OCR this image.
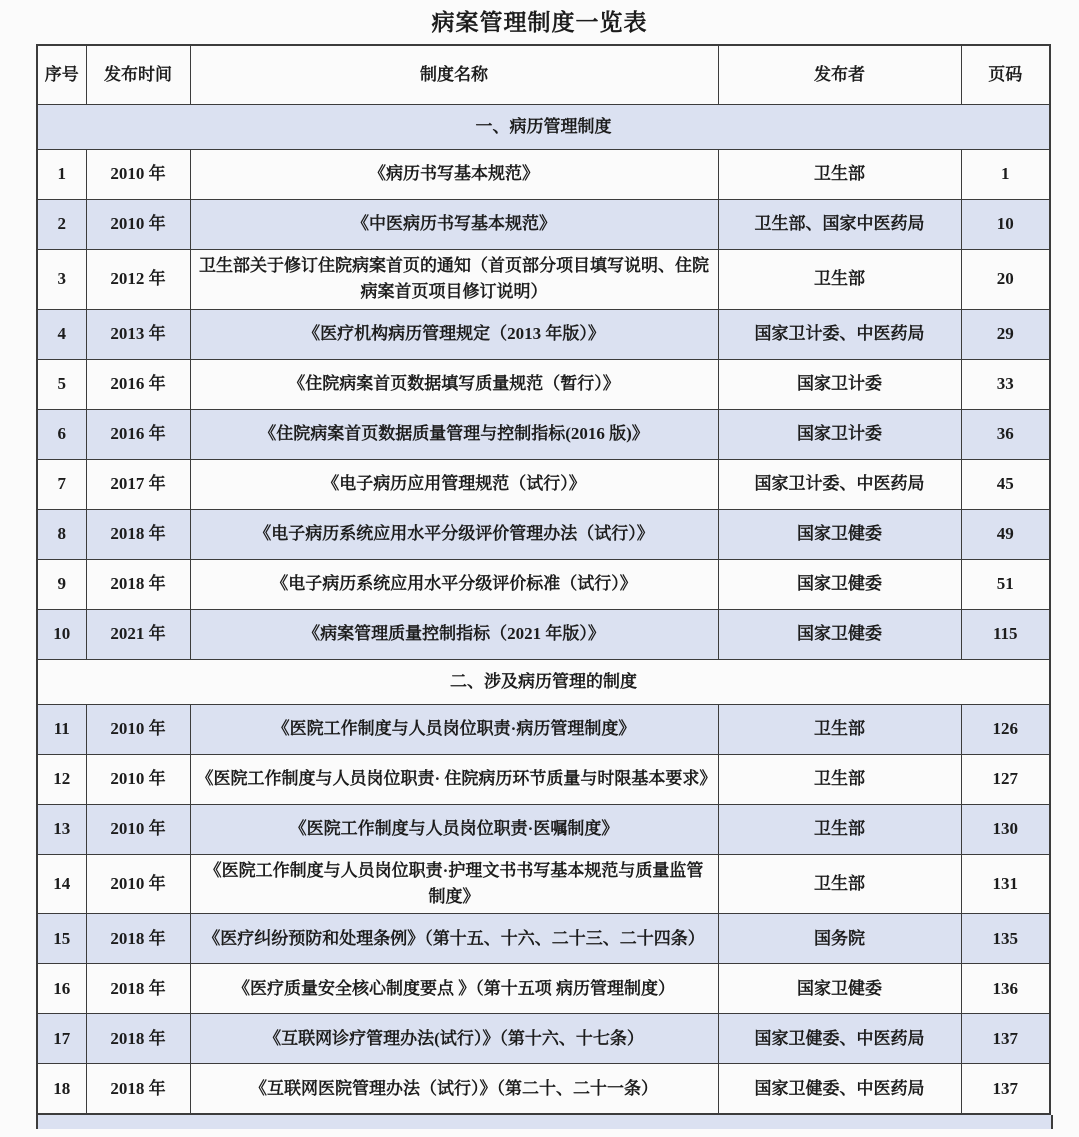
病案管理制度一览表
序号	发布时间	制度名称	发布者	页码
一、病历管理制度				
1	2010 年	《病历书写基本规范》	卫生部	1
2	2010 年	《中医病历书写基本规范》	卫生部、国家中医药局	10
3	2012 年	卫生部关于修订住院病案首页的通知（首页部分项目填写说明、住院病案首页项目修订说明）	卫生部	20
4	2013 年	《医疗机构病历管理规定（2013 年版）》	国家卫计委、中医药局	29
5	2016 年	《住院病案首页数据填写质量规范（暂行）》	国家卫计委	33
6	2016 年	《住院病案首页数据质量管理与控制指标(2016 版)》	国家卫计委	36
7	2017 年	《电子病历应用管理规范（试行）》	国家卫计委、中医药局	45
8	2018 年	《电子病历系统应用水平分级评价管理办法（试行）》	国家卫健委	49
9	2018 年	《电子病历系统应用水平分级评价标准（试行）》	国家卫健委	51
10	2021 年	《病案管理质量控制指标（2021 年版）》	国家卫健委	115
二、涉及病历管理的制度				
11	2010 年	《医院工作制度与人员岗位职责·病历管理制度》	卫生部	126
12	2010 年	《医院工作制度与人员岗位职责· 住院病历环节质量与时限基本要求》	卫生部	127
13	2010 年	《医院工作制度与人员岗位职责·医嘱制度》	卫生部	130
14	2010 年	《医院工作制度与人员岗位职责·护理文书书写基本规范与质量监管制度》	卫生部	131
15	2018 年	《医疗纠纷预防和处理条例》（第十五、十六、二十三、二十四条）	国务院	135
16	2018 年	《医疗质量安全核心制度要点 》（第十五项 病历管理制度）	国家卫健委	136
17	2018 年	《互联网诊疗管理办法(试行）》（第十六、十七条）	国家卫健委、中医药局	137
18	2018 年	《互联网医院管理办法（试行）》（第二十、二十一条）	国家卫健委、中医药局	137
